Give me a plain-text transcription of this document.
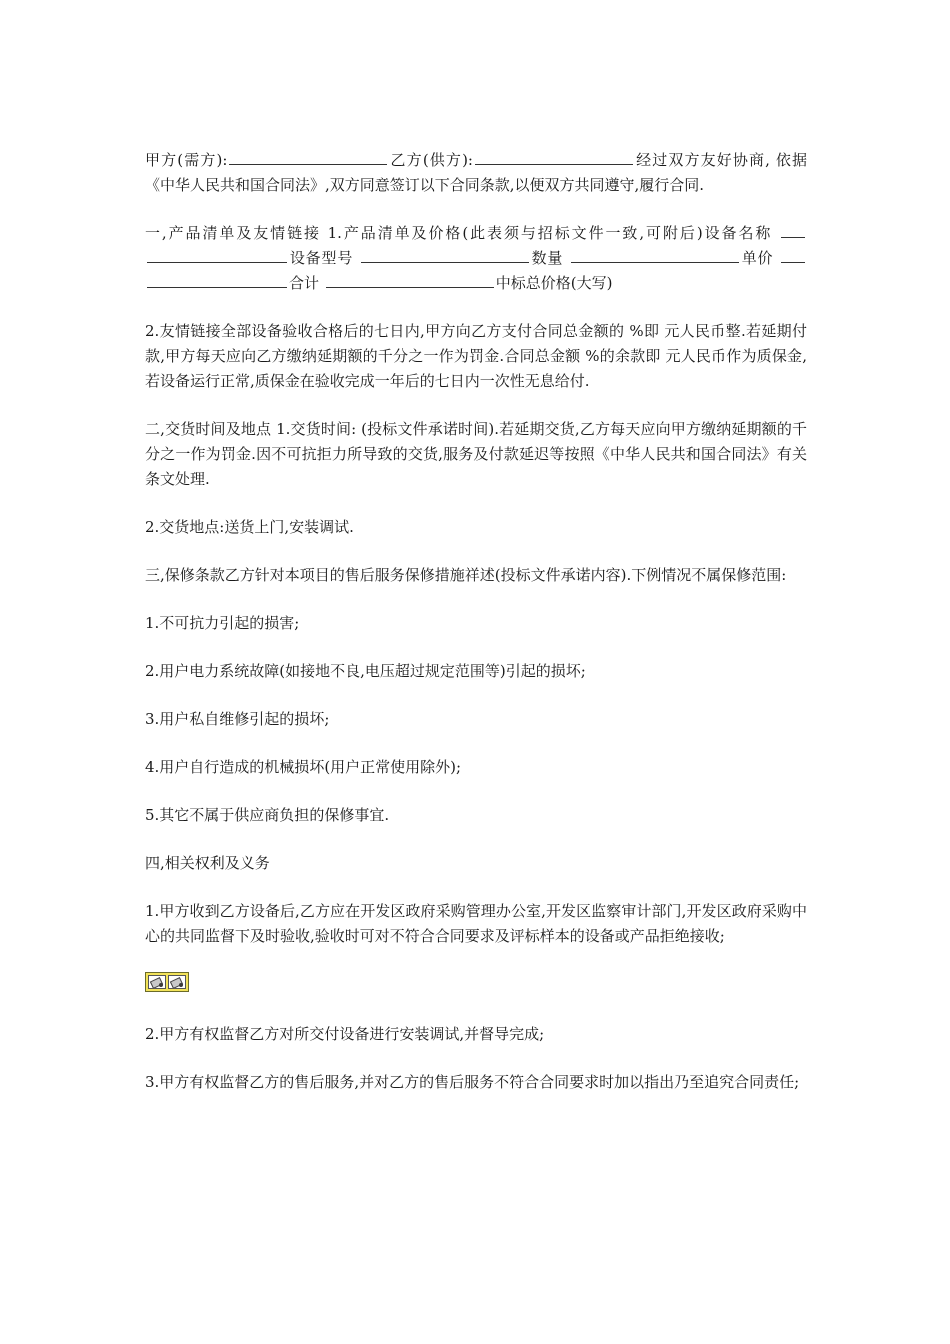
甲方(需方):	乙方(供方):	经过双方友好协商, 依据《中华人民共和国合同法》,双方同意签订以下合同条款,以便双方共同遵守,履行合同.

一,产品清单及友情链接 1.产品清单及价格(此表须与招标文件一致,可附后)设备名称 设备型号	数量	单价 合计	中标总价格(大写)

2.友情链接全部设备验收合格后的七日内,甲方向乙方支付合同总金额的 %即 元人民币整.若延期付款,甲方每天应向乙方缴纳延期额的千分之一作为罚金.合同总金额 %的余款即 元人民币作为质保金,若设备运行正常,质保金在验收完成一年后的七日内一次性无息给付.

二,交货时间及地点 1.交货时间: (投标文件承诺时间).若延期交货,乙方每天应向甲方缴纳延期额的千分之一作为罚金.因不可抗拒力所导致的交货,服务及付款延迟等按照《中华人民共和国合同法》有关条文处理.

2.交货地点:送货上门,安装调试.

三,保修条款乙方针对本项目的售后服务保修措施祥述(投标文件承诺内容).下例情况不属保修范围:

1.不可抗力引起的损害;

2.用户电力系统故障(如接地不良,电压超过规定范围等)引起的损坏;

3.用户私自维修引起的损坏;

4.用户自行造成的机械损坏(用户正常使用除外);

5.其它不属于供应商负担的保修事宜.

四,相关权利及义务

1.甲方收到乙方设备后,乙方应在开发区政府采购管理办公室,开发区监察审计部门,开发区政府采购中心的共同监督下及时验收,验收时可对不符合合同要求及评标样本的设备或产品拒绝接收;

2.甲方有权监督乙方对所交付设备进行安装调试,并督导完成;

3.甲方有权监督乙方的售后服务,并对乙方的售后服务不符合合同要求时加以指出乃至追究合同责任;
